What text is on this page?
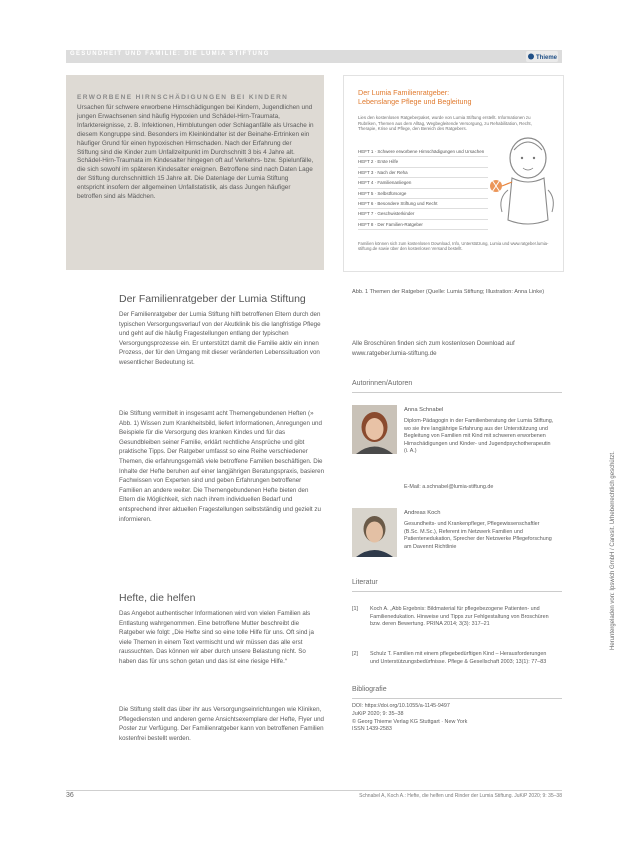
GESUNDHEIT UND FAMILIE: DIE LUMIA STIFTUNG
Thieme
ERWORBENE HIRNSCHÄDIGUNGEN BEI KINDERN
Ursachen für schwere erworbene Hirnschädigungen bei Kindern, Jugendlichen und jungen Erwachsenen sind häufig Hypoxien und Schädel-Hirn-Traumata, Infarktereignisse, z. B. Infektionen, Hirnblutungen oder Schlaganfälle als Ursache in diesem Kongruppe sind. Besonders im Kleinkindalter ist der Beinahe-Ertrinken ein häufiger Grund für einen hypoxischen Hirnschaden. Nach der Erfahrung der Stiftung sind die Kinder zum Unfallzeitpunkt im Durchschnitt 3 bis 4 Jahre alt. Schädel-Hirn-Traumata im Kindesalter hingegen oft auf Verkehrs- bzw. Spielunfälle, die sich sowohl im späteren Kindesalter ereignen. Betroffene sind nach Daten Lage der Stiftung durchschnittlich 15 Jahre alt. Die Datenlage der Lumia Stiftung entspricht insofern der allgemeinen Unfallstatistik, als dass Jungen häufiger betroffen sind als Mädchen.
Der Lumia Familienratgeber: Lebenslange Pflege und Begleitung
Lies den kostenlosen Ratgeberpaket, wurde von Lumia Stiftung erstellt. Informationen zu Rubriken, Themen aus dem Alltag, Wegbegleitende Versorgung, zu Rehabilitation, Recht, Therapie, Krise und Pflege, den Bereich des Ratgebers.
HEFT 1 · Schwere erworbene Hirnschädigungen und Ursachen
HEFT 2 · Erste Hilfe
HEFT 3 · Nach der Reha
HEFT 4 · Familienanliegen
HEFT 5 · Selbstfürsorge
HEFT 6 · Besondere Stiftung und Recht
HEFT 7 · Geschwisterkinder
HEFT 8 · Der Familien-Ratgeber
Familien können sich zum kostenlosen Download, Info, Unterstützung, Lumia und www.ratgeber.lumia-stiftung.de sowie über den kostenlosen Versand bestellt.
Abb. 1 Themen der Ratgeber (Quelle: Lumia Stiftung; Illustration: Anna Linke)
Der Familienratgeber der Lumia Stiftung
Der Familienratgeber der Lumia Stiftung hilft betroffenen Eltern durch den typischen Versorgungsverlauf von der Akutklinik bis die langfristige Pflege und geht auf die häufig Fragestellungen entlang der typischen Versorgungsprozesse ein. Er unterstützt damit die Familie aktiv ein innen Prozess, der für den Umgang mit dieser veränderten Lebenssituation von wesentlicher Bedeutung ist.
Die Stiftung vermittelt in insgesamt acht Themengebundenen Heften (» Abb. 1) Wissen zum Krankheitsbild, liefert Informationen, Anregungen und Beispiele für die Versorgung des kranken Kindes und für das Gesundbleiben seiner Familie, erklärt rechtliche Ansprüche und gibt praktische Tipps. Der Ratgeber umfasst so eine Reihe verschiedener Themen, die erfahrungsgemäß viele betroffene Familien beschäftigen. Die Inhalte der Hefte beruhen auf einer langjährigen Beratungspraxis, basieren Fachwissen von Experten sind und geben Erfahrungen betroffener Familien an andere weiter. Die Themengebundenen Hefte bieten den Eltern die Möglichkeit, sich nach ihrem individuellen Bedarf und entsprechend ihrer aktuellen Fragestellungen selbstständig und gezielt zu informieren.
Hefte, die helfen
Das Angebot authentischer Informationen wird von vielen Familien als Entlastung wahrgenommen. Eine betroffene Mutter beschreibt die Ratgeber wie folgt: „Die Hefte sind so eine tolle Hilfe für uns. Oft sind ja viele Themen in einem Text vermischt und wir müssen das alle erst raussuchten. Das können wir aber durch unsere Belastung nicht. So haben das für uns schon getan und das ist eine riesige Hilfe.“
Die Stiftung stellt das über ihr aus Versorgungseinrichtungen wie Kliniken, Pflegediensten und anderen gerne Ansichtsexemplare der Hefte, Flyer und Poster zur Verfügung. Der Familienratgeber kann von betroffenen Familien kostenfrei bestellt werden.
Alle Broschüren finden sich zum kostenlosen Download auf www.ratgeber.lumia-stiftung.de
Autorinnen/Autoren
Anna Schnabel
Diplom-Pädagogin in der Familienberatung der Lumia Stiftung, wo sie ihre langjährige Erfahrung aus der Unterstützung und Begleitung von Familien mit Kind mit schweren erworbenen Hirnschädigungen und Kinder- und Jugendpsychotherapeutin (i. A.)
E-Mail: a.schnabel@lumia-stiftung.de
Andreas Koch
Gesundheits- und Krankenpfleger, Pflegewissenschaftler (B.Sc. M.Sc.), Referent im Netzwerk Familien und Patientenedukation, Sprecher der Netzwerke Pflegeforschung am Davennt Richtlinie
Literatur
[1]	Koch A. „Abb Ergebnis: Bildmaterial für pflegebezogene Patienten- und Familienedukation. Hinweise und Tipps zur Fehlgestaltung von Broschüren bzw. deren Bewertung. PRINA 2014; 3(3): 317–21
[2]	Schulz T. Familien mit einem pflegebedürftigen Kind – Herausforderungen und Unterstützungsbedürfnisse. Pflege & Gesellschaft 2003; 13(1): 77–83
Bibliografie
DOI: https://doi.org/10.1055/a-1145-9497
JuKiP 2020; 9: 35–38
© Georg Thieme Verlag KG Stuttgart · New York
ISSN 1439-2583
36	Schnabel A, Koch A.: Hefte, die helfen und Rinder der Lumia Stiftung. JuKiP 2020; 9: 35–38
Heruntergeladen von: Ipswich GmbH / Caresit. Urheberrechtlich geschützt.
